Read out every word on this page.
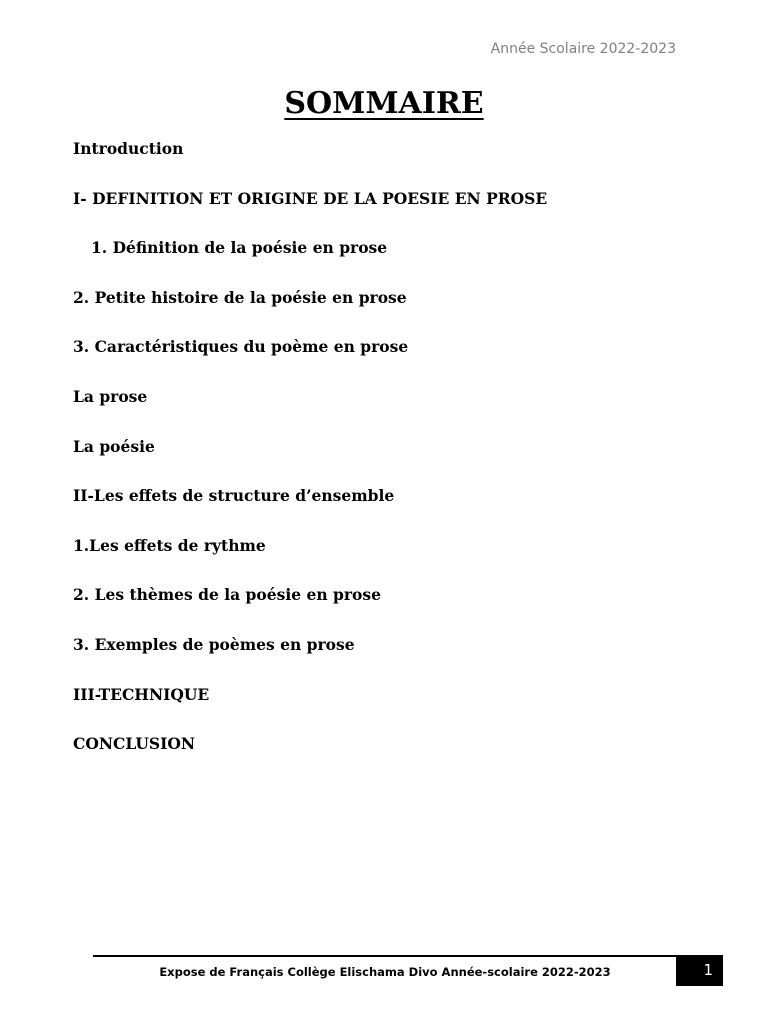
Année Scolaire 2022-2023
SOMMAIRE
Introduction
I- DEFINITION ET ORIGINE DE LA POESIE EN PROSE
1. Définition de la poésie en prose
2. Petite histoire de la poésie en prose
3. Caractéristiques du poème en prose
La prose
La poésie
II-Les effets de structure d’ensemble
1.Les effets de rythme
2. Les thèmes de la poésie en prose
3. Exemples de poèmes en prose
III-TECHNIQUE
CONCLUSION
Expose de Français Collège Elischama Divo Année-scolaire 2022-2023	1
